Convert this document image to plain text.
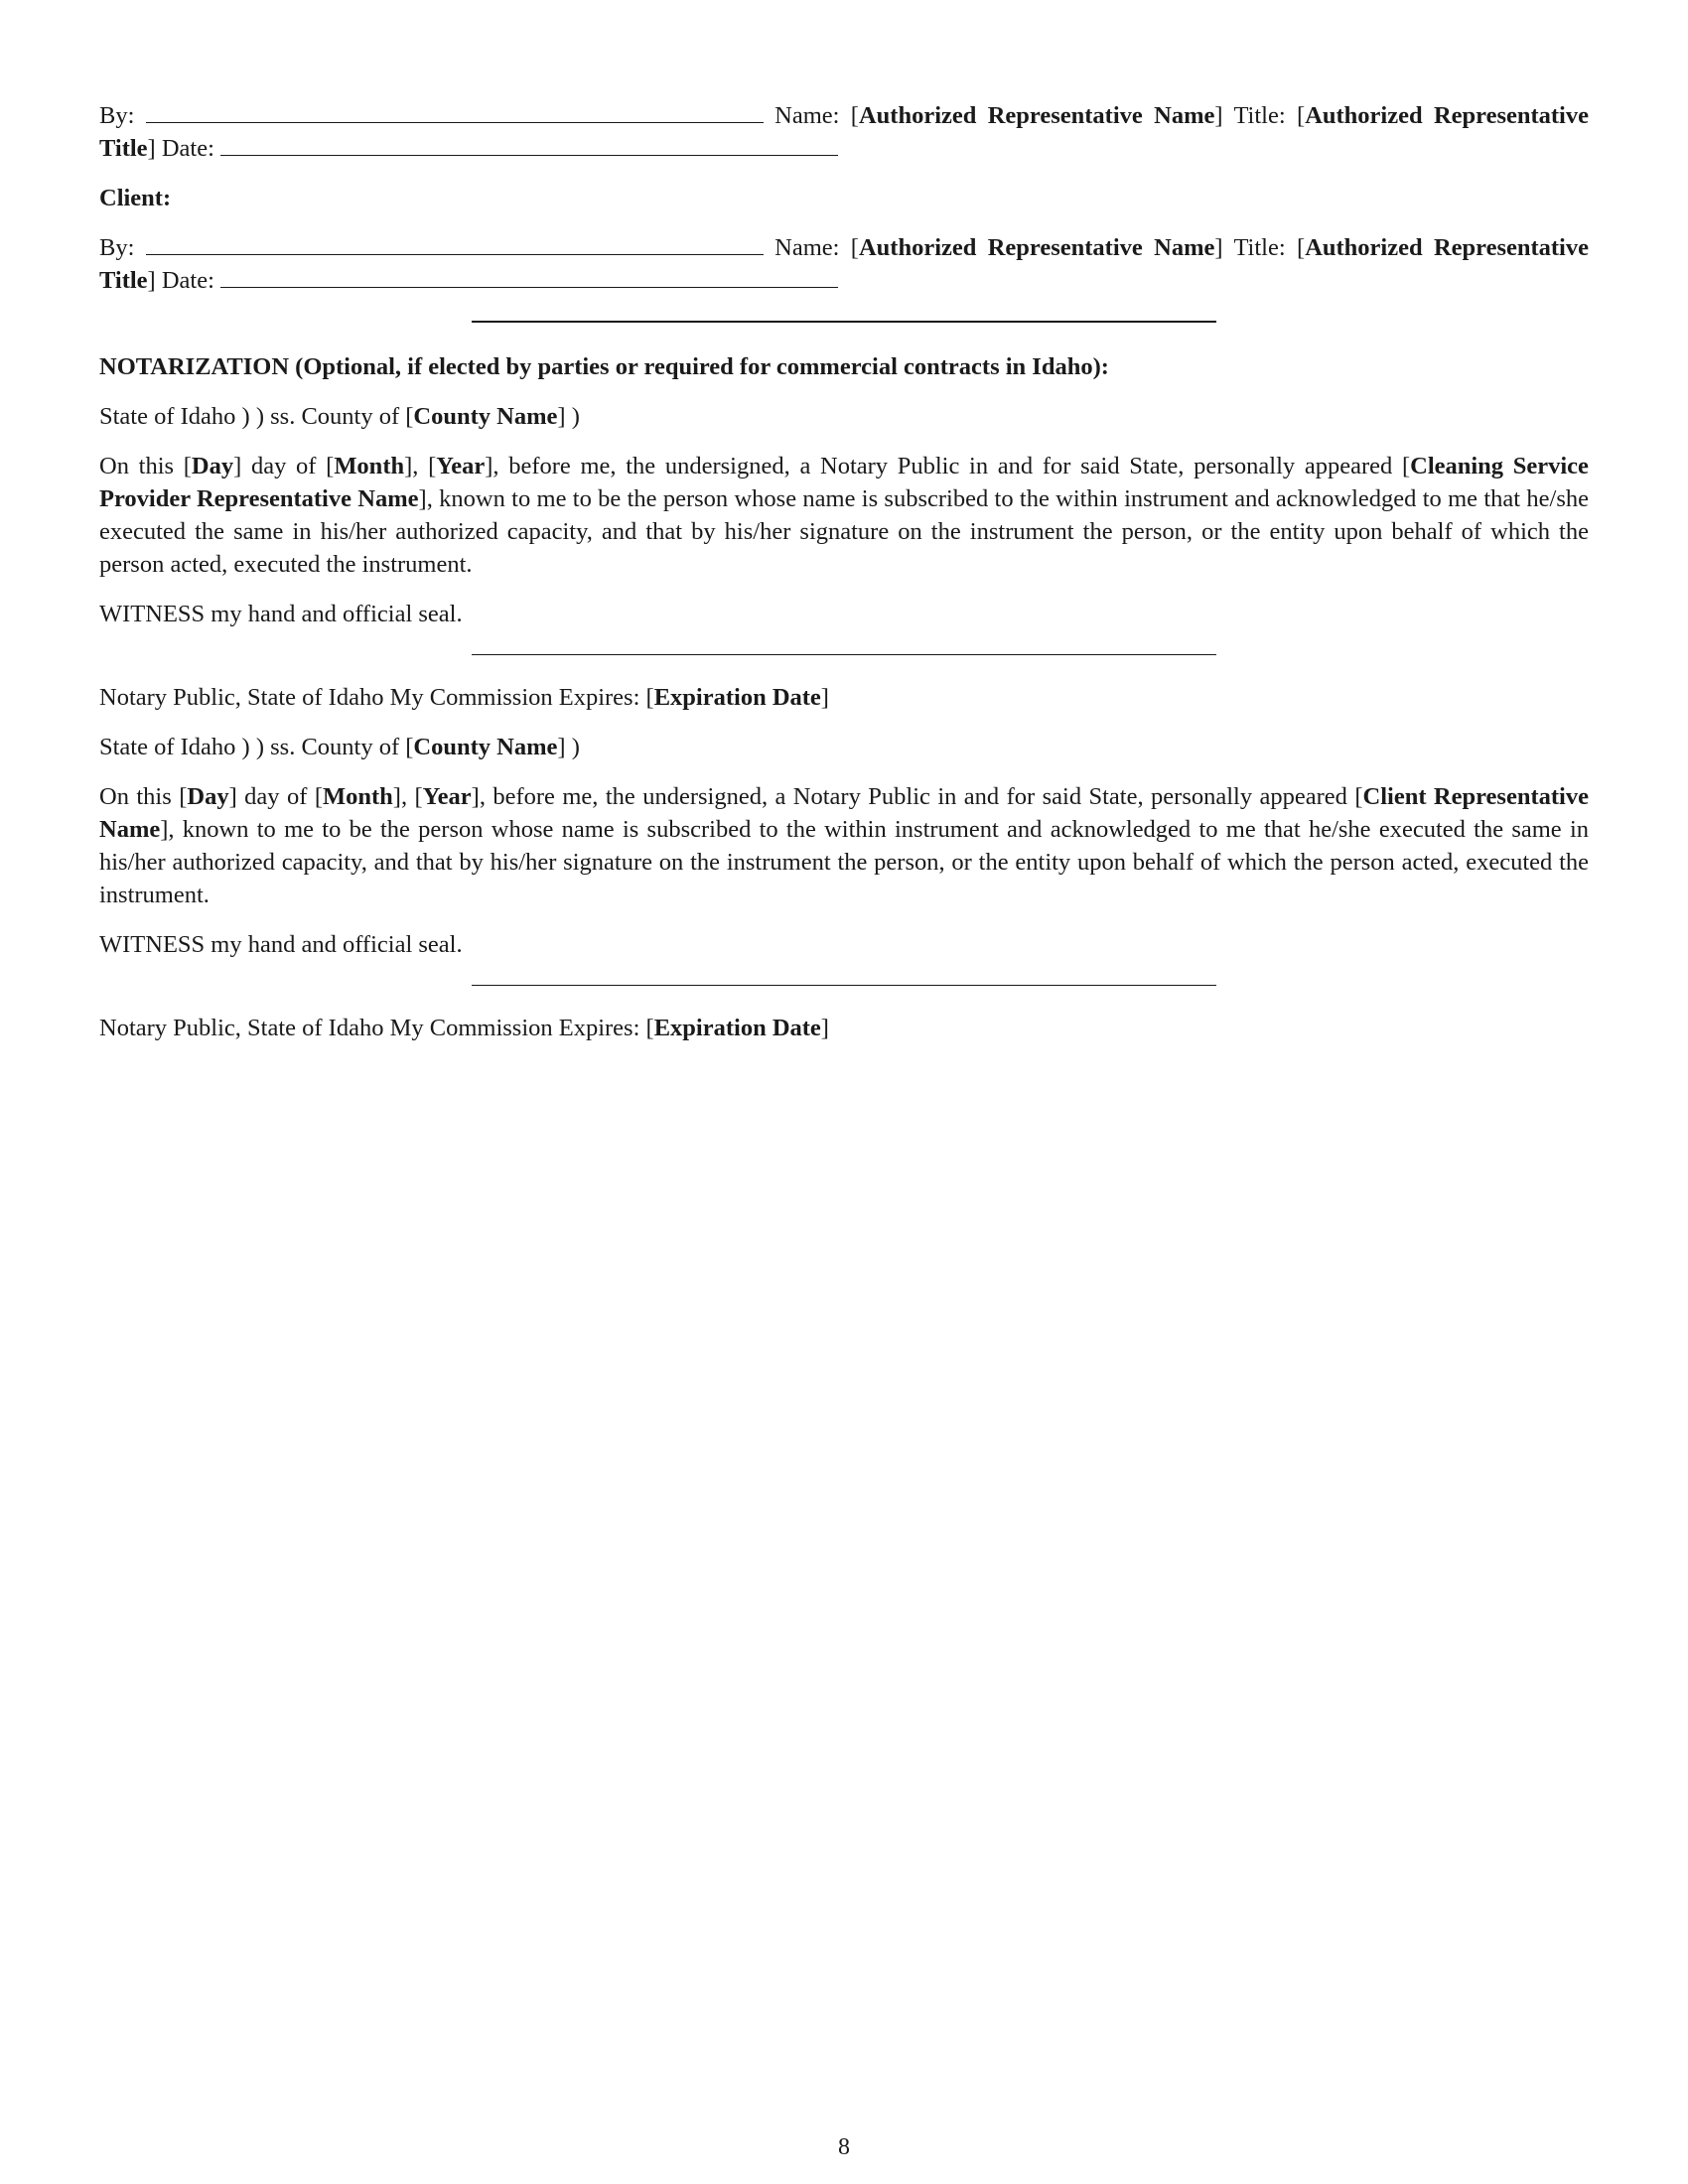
By:	Name: [Authorized Representative Name] Title: [Authorized Representative Title] Date:

Client:

By:	Name: [Authorized Representative Name] Title: [Authorized Representative Title] Date:

NOTARIZATION (Optional, if elected by parties or required for commercial contracts in Idaho):

State of Idaho ) ) ss. County of [County Name] )

On this [Day] day of [Month], [Year], before me, the undersigned, a Notary Public in and for said State, personally appeared [Cleaning Service Provider Representative Name], known to me to be the person whose name is subscribed to the within instrument and acknowledged to me that he/she executed the same in his/her authorized capacity, and that by his/her signature on the instrument the person, or the entity upon behalf of which the person acted, executed the instrument.

WITNESS my hand and official seal.

Notary Public, State of Idaho My Commission Expires: [Expiration Date]

State of Idaho ) ) ss. County of [County Name] )

On this [Day] day of [Month], [Year], before me, the undersigned, a Notary Public in and for said State, personally appeared [Client Representative Name], known to me to be the person whose name is subscribed to the within instrument and acknowledged to me that he/she executed the same in his/her authorized capacity, and that by his/her signature on the instrument the person, or the entity upon behalf of which the person acted, executed the instrument.

WITNESS my hand and official seal.

Notary Public, State of Idaho My Commission Expires: [Expiration Date]

8
